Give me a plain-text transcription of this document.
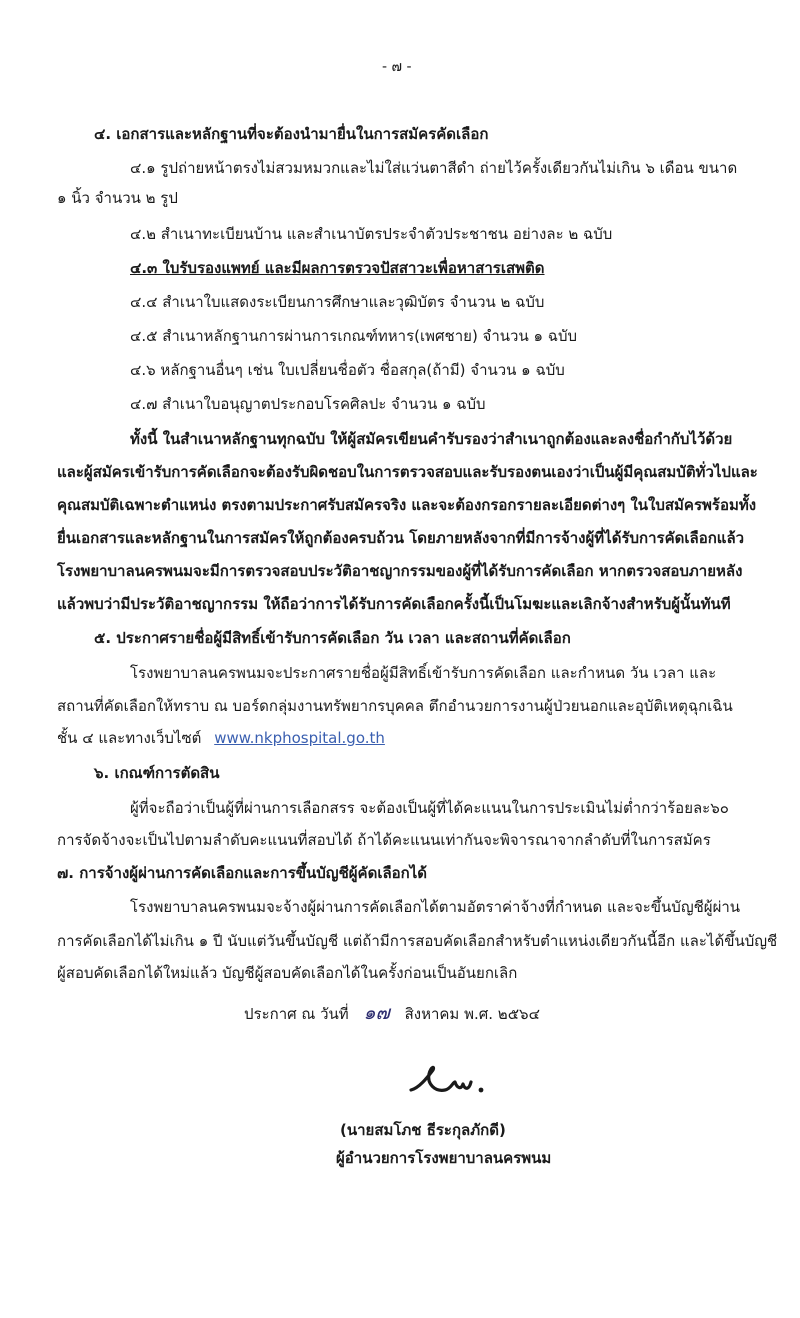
- ๗ -
๔. เอกสารและหลักฐานที่จะต้องนำมายื่นในการสมัครคัดเลือก
๔.๑ รูปถ่ายหน้าตรงไม่สวมหมวกและไม่ใส่แว่นตาสีดำ ถ่ายไว้ครั้งเดียวกันไม่เกิน ๖ เดือน ขนาด
๑ นิ้ว จำนวน ๒ รูป
๔.๒ สำเนาทะเบียนบ้าน และสำเนาบัตรประจำตัวประชาชน อย่างละ ๒ ฉบับ
๔.๓ ใบรับรองแพทย์ และมีผลการตรวจปัสสาวะเพื่อหาสารเสพติด
๔.๔ สำเนาใบแสดงระเบียนการศึกษาและวุฒิบัตร จำนวน ๒ ฉบับ
๔.๕ สำเนาหลักฐานการผ่านการเกณฑ์ทหาร(เพศชาย) จำนวน ๑ ฉบับ
๔.๖ หลักฐานอื่นๆ เช่น ใบเปลี่ยนชื่อตัว ชื่อสกุล(ถ้ามี) จำนวน ๑ ฉบับ
๔.๗ สำเนาใบอนุญาตประกอบโรคศิลปะ จำนวน ๑ ฉบับ
ทั้งนี้ ในสำเนาหลักฐานทุกฉบับ ให้ผู้สมัครเขียนคำรับรองว่าสำเนาถูกต้องและลงชื่อกำกับไว้ด้วย
และผู้สมัครเข้ารับการคัดเลือกจะต้องรับผิดชอบในการตรวจสอบและรับรองตนเองว่าเป็นผู้มีคุณสมบัติทั่วไปและ
คุณสมบัติเฉพาะตำแหน่ง ตรงตามประกาศรับสมัครจริง และจะต้องกรอกรายละเอียดต่างๆ ในใบสมัครพร้อมทั้ง
ยื่นเอกสารและหลักฐานในการสมัครให้ถูกต้องครบถ้วน โดยภายหลังจากที่มีการจ้างผู้ที่ได้รับการคัดเลือกแล้ว
โรงพยาบาลนครพนมจะมีการตรวจสอบประวัติอาชญากรรมของผู้ที่ได้รับการคัดเลือก หากตรวจสอบภายหลัง
แล้วพบว่ามีประวัติอาชญากรรม ให้ถือว่าการได้รับการคัดเลือกครั้งนี้เป็นโมฆะและเลิกจ้างสำหรับผู้นั้นทันที
๕. ประกาศรายชื่อผู้มีสิทธิ์เข้ารับการคัดเลือก วัน เวลา และสถานที่คัดเลือก
โรงพยาบาลนครพนมจะประกาศรายชื่อผู้มีสิทธิ์เข้ารับการคัดเลือก และกำหนด วัน เวลา และ
สถานที่คัดเลือกให้ทราบ ณ บอร์ดกลุ่มงานทรัพยากรบุคคล ตึกอำนวยการงานผู้ป่วยนอกและอุบัติเหตุฉุกเฉิน
ชั้น ๔ และทางเว็บไซต์ www.nkphospital.go.th
๖. เกณฑ์การตัดสิน
ผู้ที่จะถือว่าเป็นผู้ที่ผ่านการเลือกสรร จะต้องเป็นผู้ที่ได้คะแนนในการประเมินไม่ต่ำกว่าร้อยละ๖๐
การจัดจ้างจะเป็นไปตามลำดับคะแนนที่สอบได้ ถ้าได้คะแนนเท่ากันจะพิจารณาจากลำดับที่ในการสมัคร
๗. การจ้างผู้ผ่านการคัดเลือกและการขึ้นบัญชีผู้คัดเลือกได้
โรงพยาบาลนครพนมจะจ้างผู้ผ่านการคัดเลือกได้ตามอัตราค่าจ้างที่กำหนด และจะขึ้นบัญชีผู้ผ่าน
การคัดเลือกได้ไม่เกิน ๑ ปี นับแต่วันขึ้นบัญชี แต่ถ้ามีการสอบคัดเลือกสำหรับตำแหน่งเดียวกันนี้อีก และได้ขึ้นบัญชี
ผู้สอบคัดเลือกได้ใหม่แล้ว บัญชีผู้สอบคัดเลือกได้ในครั้งก่อนเป็นอันยกเลิก
ประกาศ ณ วันที่ ๑๗ สิงหาคม พ.ศ. ๒๕๖๔
(นายสมโภช ธีระกุลภักดี)
ผู้อำนวยการโรงพยาบาลนครพนม
